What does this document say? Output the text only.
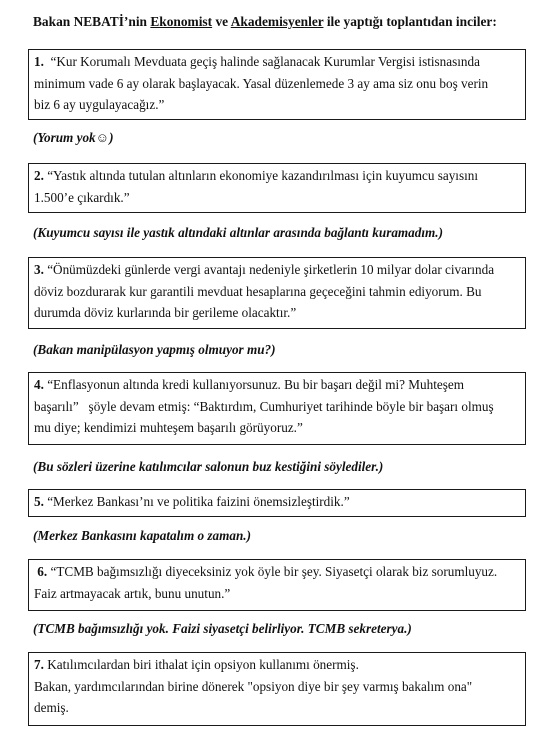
Bakan NEBATİ’nin Ekonomist ve Akademisyenler ile yaptığı toplantıdan inciler:
1. “Kur Korumalı Mevduata geçiş halinde sağlanacak Kurumlar Vergisi istisnasında
minimum vade 6 ay olarak başlayacak. Yasal düzenlemede 3 ay ama siz onu boş verin
biz 6 ay uygulayacağız.”
(Yorum yok☺)
2. “Yastık altında tutulan altınların ekonomiye kazandırılması için kuyumcu sayısını
1.500’e çıkardık.”
(Kuyumcu sayısı ile yastık altındaki altınlar arasında bağlantı kuramadım.)
3. “Önümüzdeki günlerde vergi avantajı nedeniyle şirketlerin 10 milyar dolar civarında
döviz bozdurarak kur garantili mevduat hesaplarına geçeceğini tahmin ediyorum. Bu
durumda döviz kurlarında bir gerileme olacaktır.”
(Bakan manipülasyon yapmış olmuyor mu?)
4. “Enflasyonun altında kredi kullanıyorsunuz. Bu bir başarı değil mi? Muhteşem
başarılı”   şöyle devam etmiş: “Baktırdım, Cumhuriyet tarihinde böyle bir başarı olmuş
mu diye; kendimizi muhteşem başarılı görüyoruz.”
(Bu sözleri üzerine katılımcılar salonun buz kestiğini söylediler.)
5. “Merkez Bankası’nı ve politika faizini önemsizleştirdik.”
(Merkez Bankasını kapatalım o zaman.)
6. “TCMB bağımsızlığı diyeceksiniz yok öyle bir şey. Siyasetçi olarak biz sorumluyuz.
Faiz artmayacak artık, bunu unutun.”
(TCMB bağımsızlığı yok. Faizi siyasetçi belirliyor. TCMB sekreterya.)
7. Katılımcılardan biri ithalat için opsiyon kullanımı önermiş.
Bakan, yardımcılarından birine dönerek "opsiyon diye bir şey varmış bakalım ona"
demiş.
